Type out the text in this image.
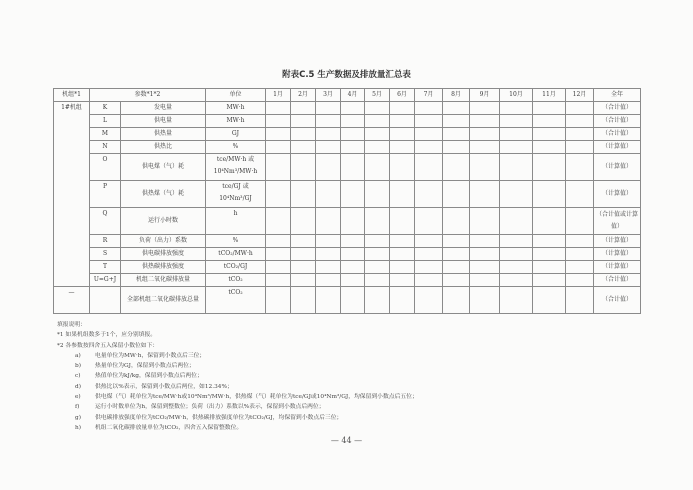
附表C.5 生产数据及排放量汇总表
机组*1	参数*1*2		单位	1月	2月	3月	4月	5月	6月	7月	8月	9月	10月	11月	12月	全年
1#机组	K	发电量	MW·h													（合计值）
	L	供电量	MW·h													（合计值）
	M	供热量	GJ													（合计值）
	N	供热比	%													（计算值）
	O	供电煤（气）耗	tce/MW·h 或 10⁴Nm³/MW·h													（计算值）
	P	供热煤（气）耗	tce/GJ 或 10⁴Nm³/GJ													（计算值）
	Q	运行小时数	h													（合计值或计算值）
	R	负荷（出力）系数	%													（计算值）
	S	供电碳排放强度	tCO₂/MW·h													（计算值）
	T	供热碳排放强度	tCO₂/GJ													（计算值）
	U=G+J	机组二氧化碳排放量	tCO₂													（合计值）
—		全部机组二氧化碳排放总量	tCO₂													（合计值）
填报说明：
*1 如果机组数多于1个，应分别填报。
*2 各参数按四舍五入保留小数位如下：
a) 电量单位为MW·h，保留到小数点后三位；
b) 热量单位为GJ，保留到小数点后两位；
c) 热值单位为kJ/kg，保留到小数点后两位；
d) 供热比以%表示，保留到小数点后两位，如12.34%；
e) 供电煤（气）耗单位为tce/MW·h或10⁴Nm³/MW·h，供热煤（气）耗单位为tce/GJ或10⁴Nm³/GJ，均保留到小数点后五位；
f)	运行小时数单位为h，保留到整数位；负荷（出力）系数以%表示，保留到小数点后两位；
g) 供电碳排放强度单位为tCO₂/MW·h，供热碳排放强度单位为tCO₂/GJ，均保留到小数点后三位；
h) 机组二氧化碳排放量单位为tCO₂，四舍五入保留整数位。
— 44 —
